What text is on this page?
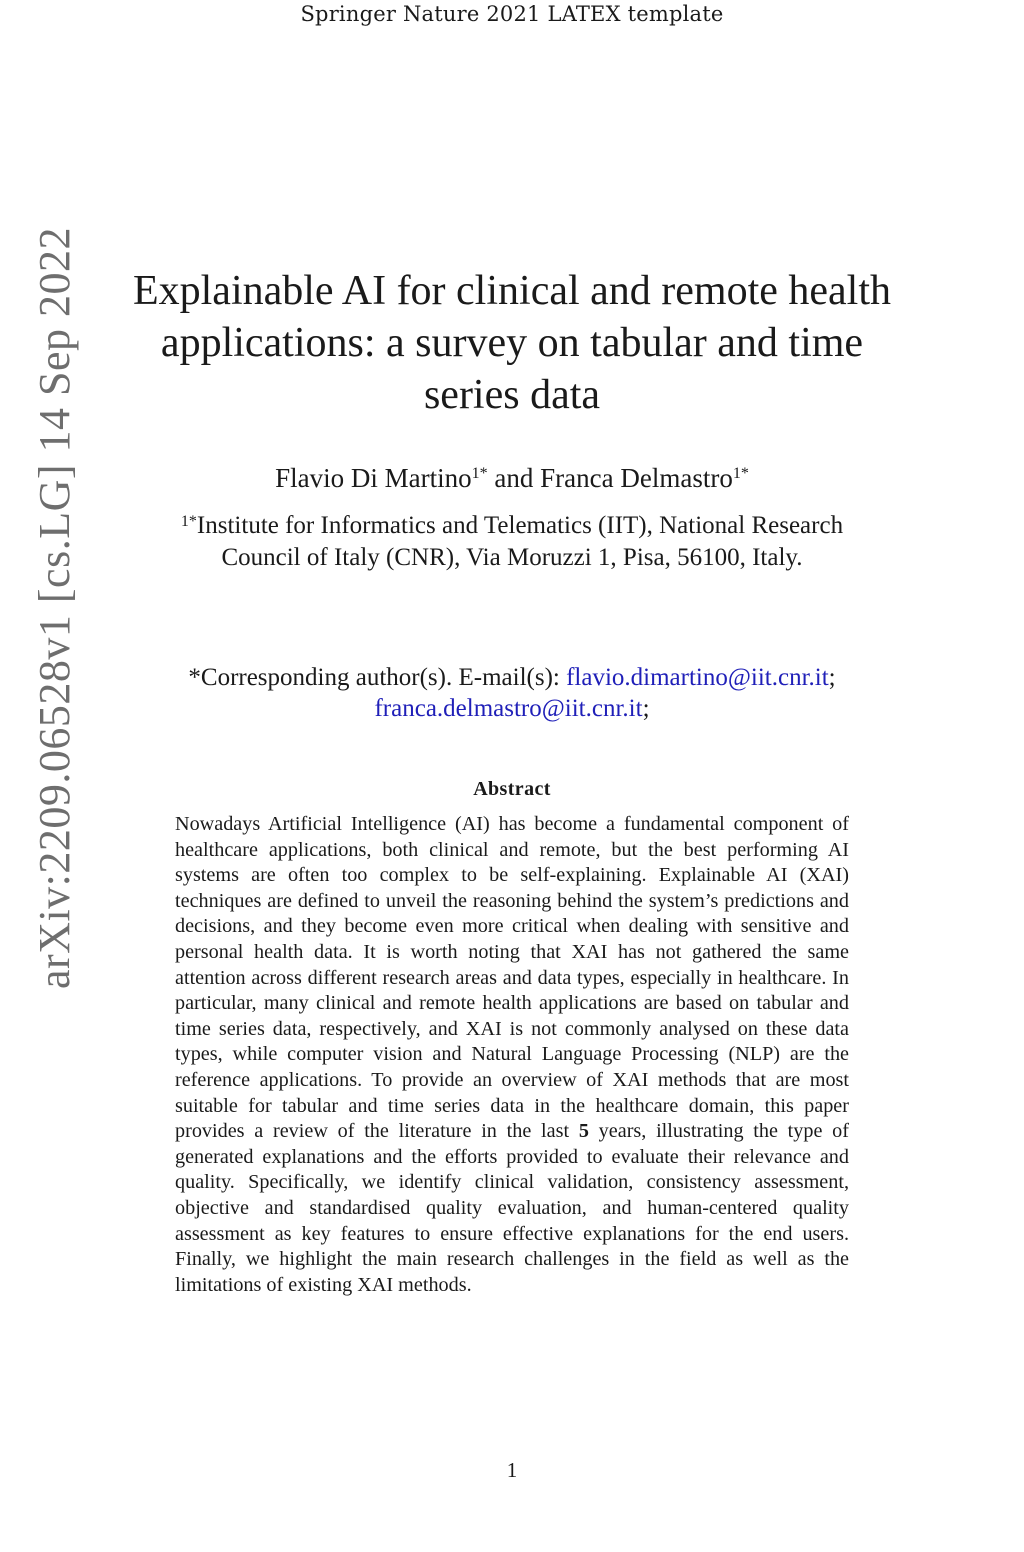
Springer Nature 2021 LATEX template
arXiv:2209.06528v1 [cs.LG] 14 Sep 2022	Explainable AI for clinical and remote health applications: a survey on tabular and time series data
Flavio Di Martino$^{1*}$ and Franca Delmastro$^{1*}$
$^{1*}$Institute for Informatics and Telematics (IIT), National Research Council of Italy (CNR), Via Moruzzi 1, Pisa, 56100, Italy.
*Corresponding author(s). E-mail(s): flavio.dimartino@iit.cnr.it;
franca.delmastro@iit.cnr.it;
Abstract
Nowadays Artificial Intelligence (AI) has become a fundamental component of healthcare applications, both clinical and remote, but the best performing AI systems are often too complex to be self-explaining. Explainable AI (XAI) techniques are defined to unveil the reasoning behind the system’s predictions and decisions, and they become even more critical when dealing with sensitive and personal health data. It is worth noting that XAI has not gathered the same attention across different research areas and data types, especially in healthcare. In particular, many clinical and remote health applications are based on tabular and time series data, respectively, and XAI is not commonly analysed on these data types, while computer vision and Natural Language Processing (NLP) are the reference applications. To provide an overview of XAI methods that are most suitable for tabular and time series data in the healthcare domain, this paper provides a review of the literature in the last 5 years, illustrating the type of generated explanations and the efforts provided to evaluate their relevance and quality. Specifically, we identify clinical validation, consistency assessment, objective and standardised quality evaluation, and human-centered quality assessment as key features to ensure effective explanations for the end users. Finally, we highlight the main research challenges in the field as well as the limitations of existing XAI methods.
1
